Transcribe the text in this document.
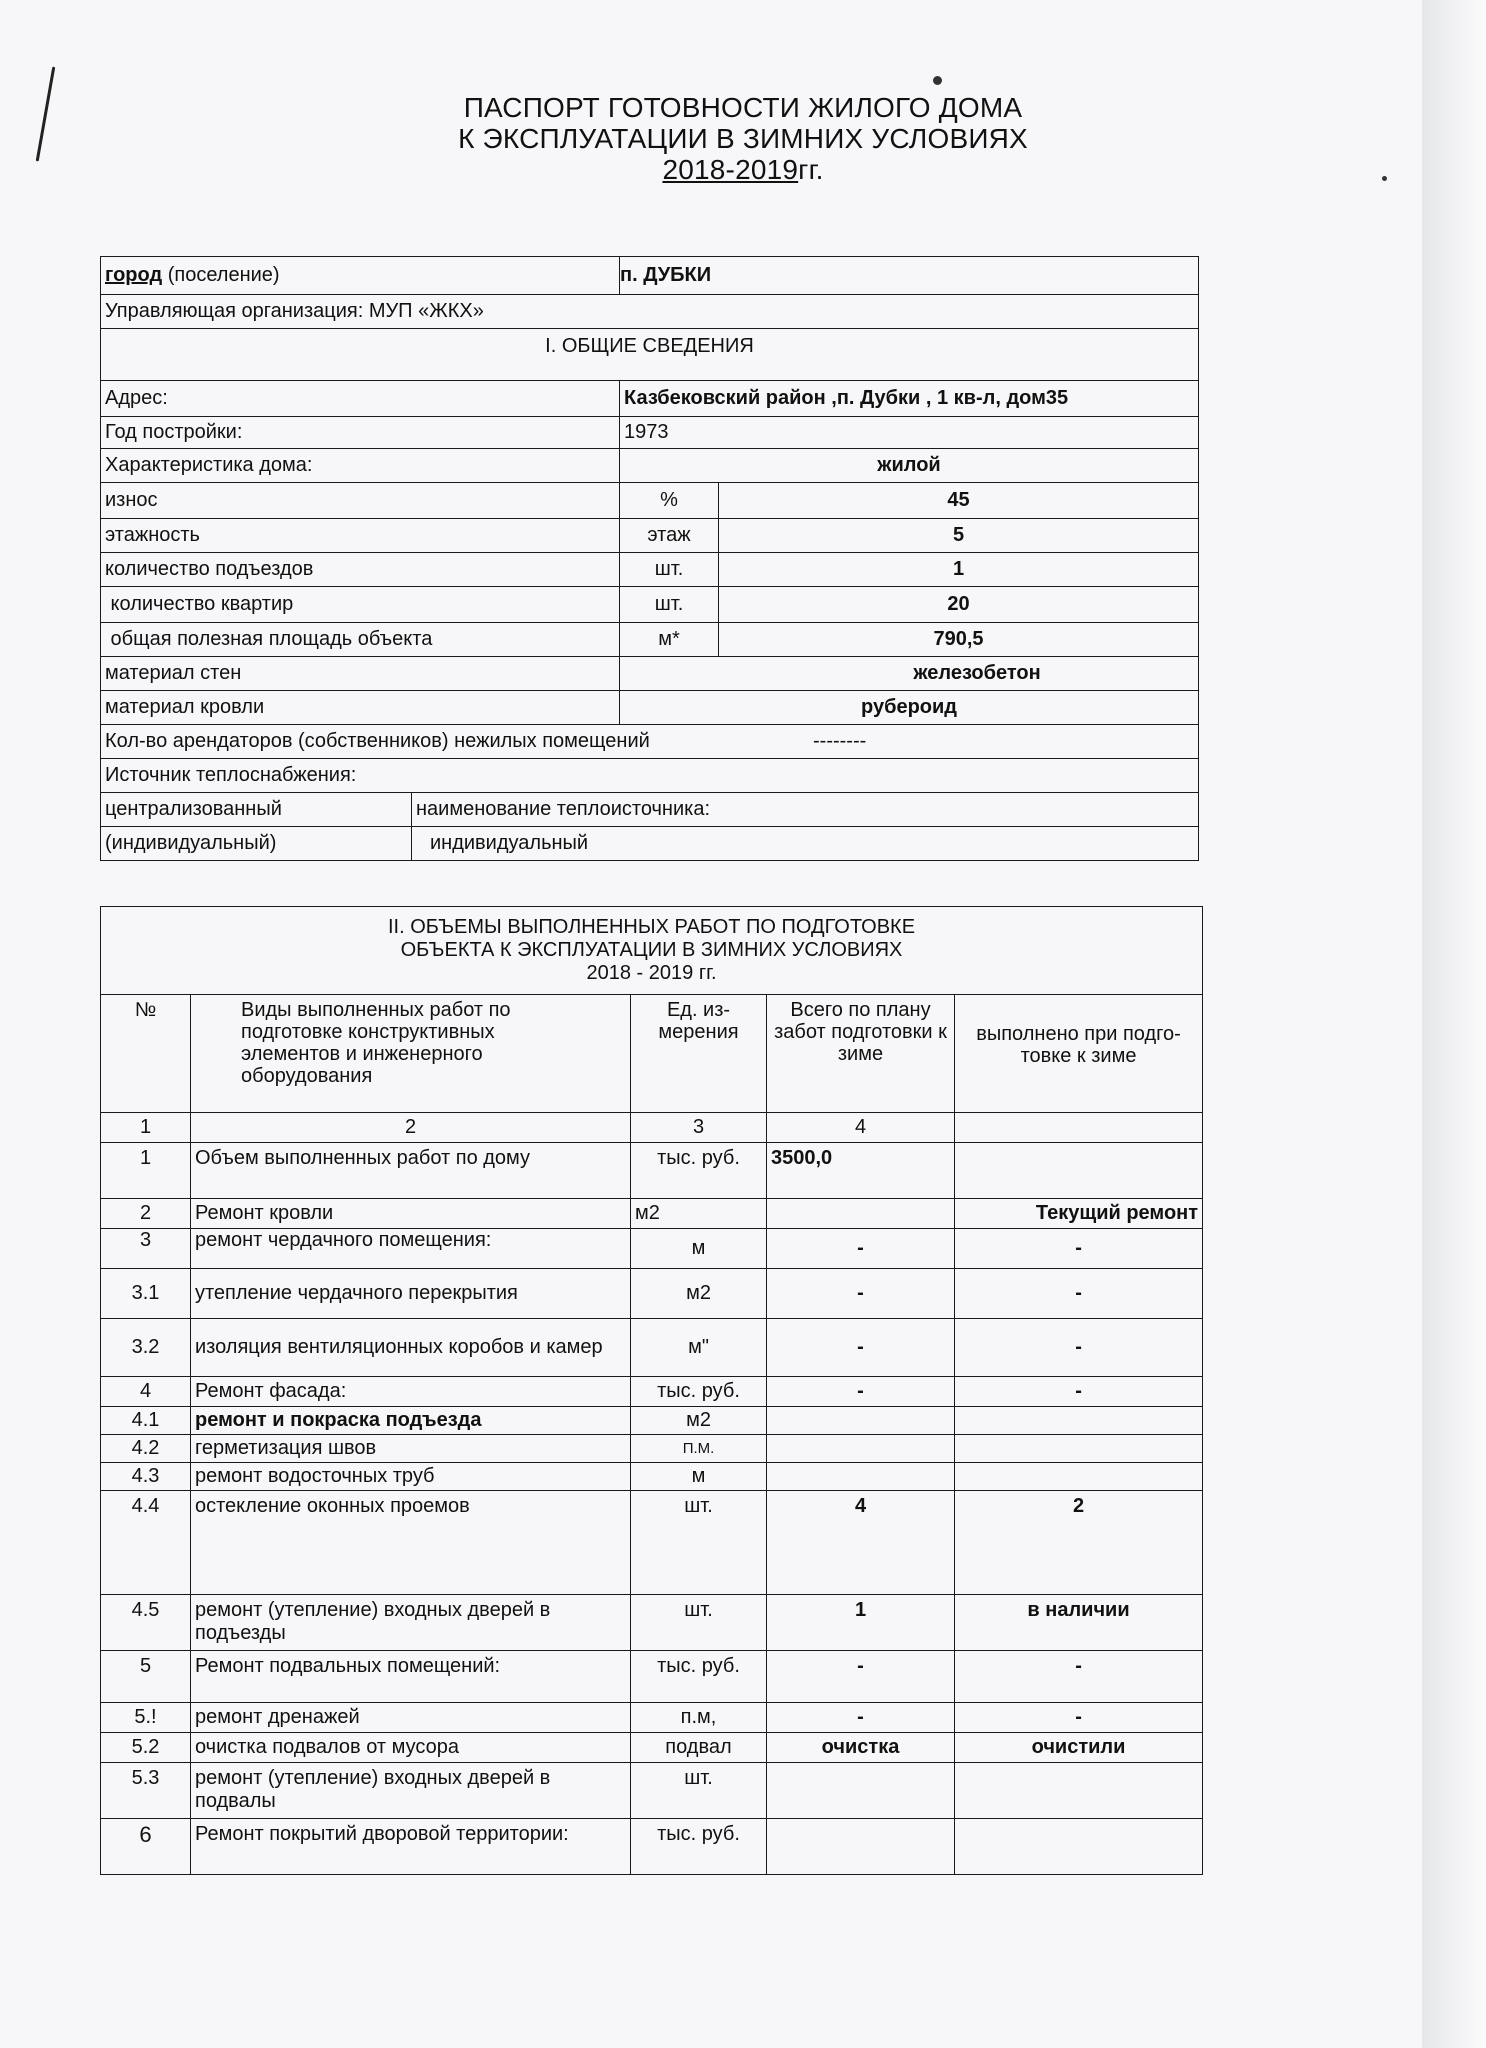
ПАСПОРТ ГОТОВНОСТИ ЖИЛОГО ДОМА
К ЭКСПЛУАТАЦИИ В ЗИМНИХ УСЛОВИЯХ
2018-2019гг.
город (поселение)		п. ДУБКИ	
Управляющая организация: МУП «ЖКХ»			
I. ОБЩИЕ СВЕДЕНИЯ			
Адрес:		Казбековский район ,п. Дубки , 1 кв-л, дом35	
Год постройки:		1973	
Характеристика дома:		жилой	
износ		%	45
этажность		этаж	5
количество подъездов		шт.	1
количество квартир		шт.	20
общая полезная площадь объекта		м*	790,5
материал стен		железобетон	
материал кровли		рубероид	
Кол-во арендаторов (собственников) нежилых помещений --------			
Источник теплоснабжения:			
централизованный	наименование теплоисточника:		
(индивидуальный)	индивидуальный		
II. ОБЪЕМЫ ВЫПОЛНЕННЫХ РАБОТ ПО ПОДГОТОВКЕ
ОБЪЕКТА К ЭКСПЛУАТАЦИИ В ЗИМНИХ УСЛОВИЯХ
2018 - 2019 гг.				

№	Виды выполненных работ по подготовке конструктивных элементов и инженерного оборудования	Ед. из-мерения	Всего по плану забот подготовки к зиме	выполнено при подго-товке к зиме
1	2	3	4	
1	Объем выполненных работ по дому	тыс. руб.	3500,0	
2	Ремонт кровли	м2		Текущий ремонт
3	ремонт чердачного помещения:	м	-	-
3.1	утепление чердачного перекрытия	м2	-	-
3.2	изоляция вентиляционных коробов и камер	м"	-	-
4	Ремонт фасада:	тыс. руб.	-	-
4.1	ремонт и покраска подъезда	м2		
4.2	герметизация швов	П.М.		
4.3	ремонт водосточных труб	м		
4.4	остекление оконных проемов	шт.	4	2
4.5	ремонт (утепление) входных дверей в подъезды	шт.	1	в наличии
5	Ремонт подвальных помещений:	тыс. руб.	-	-
5.!	ремонт дренажей	п.м,	-	-
5.2	очистка подвалов от мусора	подвал	очистка	очистили
5.3	ремонт (утепление) входных дверей в подвалы	шт.		
6	Ремонт покрытий дворовой территории:	тыс. руб.		
